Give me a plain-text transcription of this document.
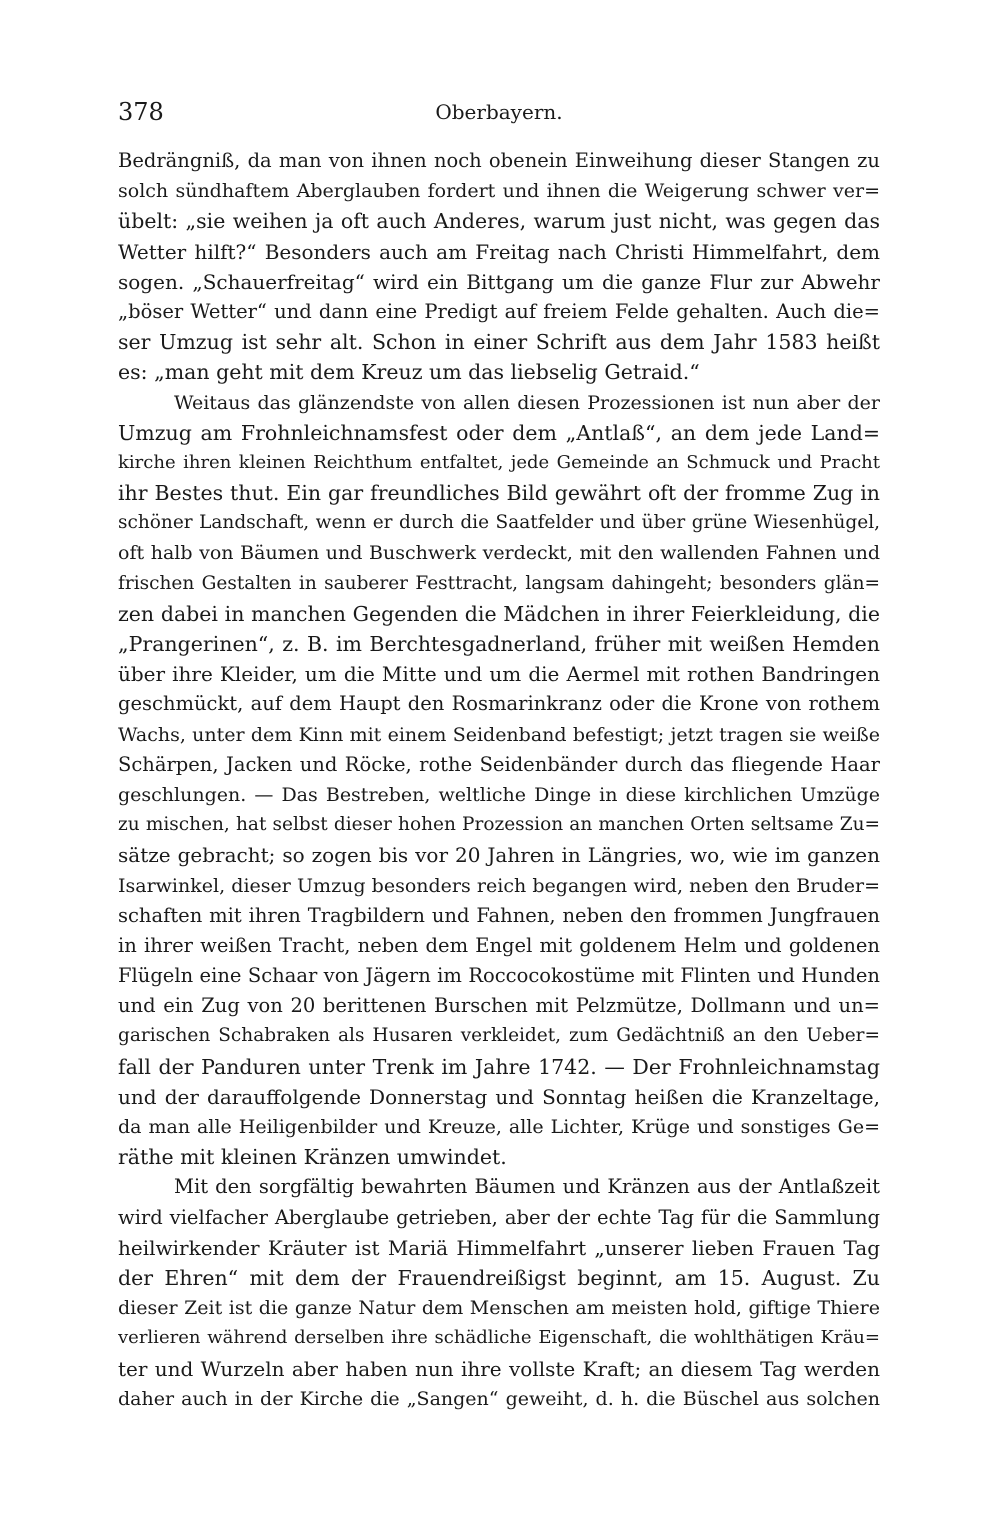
378	Oberbayern.
Bedrängniß, da man von ihnen noch obenein Einweihung dieser Stangen zu
solch sündhaftem Aberglauben fordert und ihnen die Weigerung schwer ver=
übelt: „sie weihen ja oft auch Anderes, warum just nicht, was gegen das
Wetter hilft?“ Besonders auch am Freitag nach Christi Himmelfahrt, dem
sogen. „Schauerfreitag“ wird ein Bittgang um die ganze Flur zur Abwehr
„böser Wetter“ und dann eine Predigt auf freiem Felde gehalten. Auch die=
ser Umzug ist sehr alt. Schon in einer Schrift aus dem Jahr 1583 heißt
es: „man geht mit dem Kreuz um das liebselig Getraid.“
Weitaus das glänzendste von allen diesen Prozessionen ist nun aber der
Umzug am Frohnleichnamsfest oder dem „Antlaß“, an dem jede Land=
kirche ihren kleinen Reichthum entfaltet, jede Gemeinde an Schmuck und Pracht
ihr Bestes thut. Ein gar freundliches Bild gewährt oft der fromme Zug in
schöner Landschaft, wenn er durch die Saatfelder und über grüne Wiesenhügel,
oft halb von Bäumen und Buschwerk verdeckt, mit den wallenden Fahnen und
frischen Gestalten in sauberer Festtracht, langsam dahingeht; besonders glän=
zen dabei in manchen Gegenden die Mädchen in ihrer Feierkleidung, die
„Prangerinen“, z. B. im Berchtesgadnerland, früher mit weißen Hemden
über ihre Kleider, um die Mitte und um die Aermel mit rothen Bandringen
geschmückt, auf dem Haupt den Rosmarinkranz oder die Krone von rothem
Wachs, unter dem Kinn mit einem Seidenband befestigt; jetzt tragen sie weiße
Schärpen, Jacken und Röcke, rothe Seidenbänder durch das fliegende Haar
geschlungen. — Das Bestreben, weltliche Dinge in diese kirchlichen Umzüge
zu mischen, hat selbst dieser hohen Prozession an manchen Orten seltsame Zu=
sätze gebracht; so zogen bis vor 20 Jahren in Längries, wo, wie im ganzen
Isarwinkel, dieser Umzug besonders reich begangen wird, neben den Bruder=
schaften mit ihren Tragbildern und Fahnen, neben den frommen Jungfrauen
in ihrer weißen Tracht, neben dem Engel mit goldenem Helm und goldenen
Flügeln eine Schaar von Jägern im Roccocokostüme mit Flinten und Hunden
und ein Zug von 20 berittenen Burschen mit Pelzmütze, Dollmann und un=
garischen Schabraken als Husaren verkleidet, zum Gedächtniß an den Ueber=
fall der Panduren unter Trenk im Jahre 1742. — Der Frohnleichnamstag
und der darauffolgende Donnerstag und Sonntag heißen die Kranzeltage,
da man alle Heiligenbilder und Kreuze, alle Lichter, Krüge und sonstiges Ge=
räthe mit kleinen Kränzen umwindet.
Mit den sorgfältig bewahrten Bäumen und Kränzen aus der Antlaßzeit
wird vielfacher Aberglaube getrieben, aber der echte Tag für die Sammlung
heilwirkender Kräuter ist Mariä Himmelfahrt „unserer lieben Frauen Tag
der Ehren“ mit dem der Frauendreißigst beginnt, am 15. August. Zu
dieser Zeit ist die ganze Natur dem Menschen am meisten hold, giftige Thiere
verlieren während derselben ihre schädliche Eigenschaft, die wohlthätigen Kräu=
ter und Wurzeln aber haben nun ihre vollste Kraft; an diesem Tag werden
daher auch in der Kirche die „Sangen“ geweiht, d. h. die Büschel aus solchen
